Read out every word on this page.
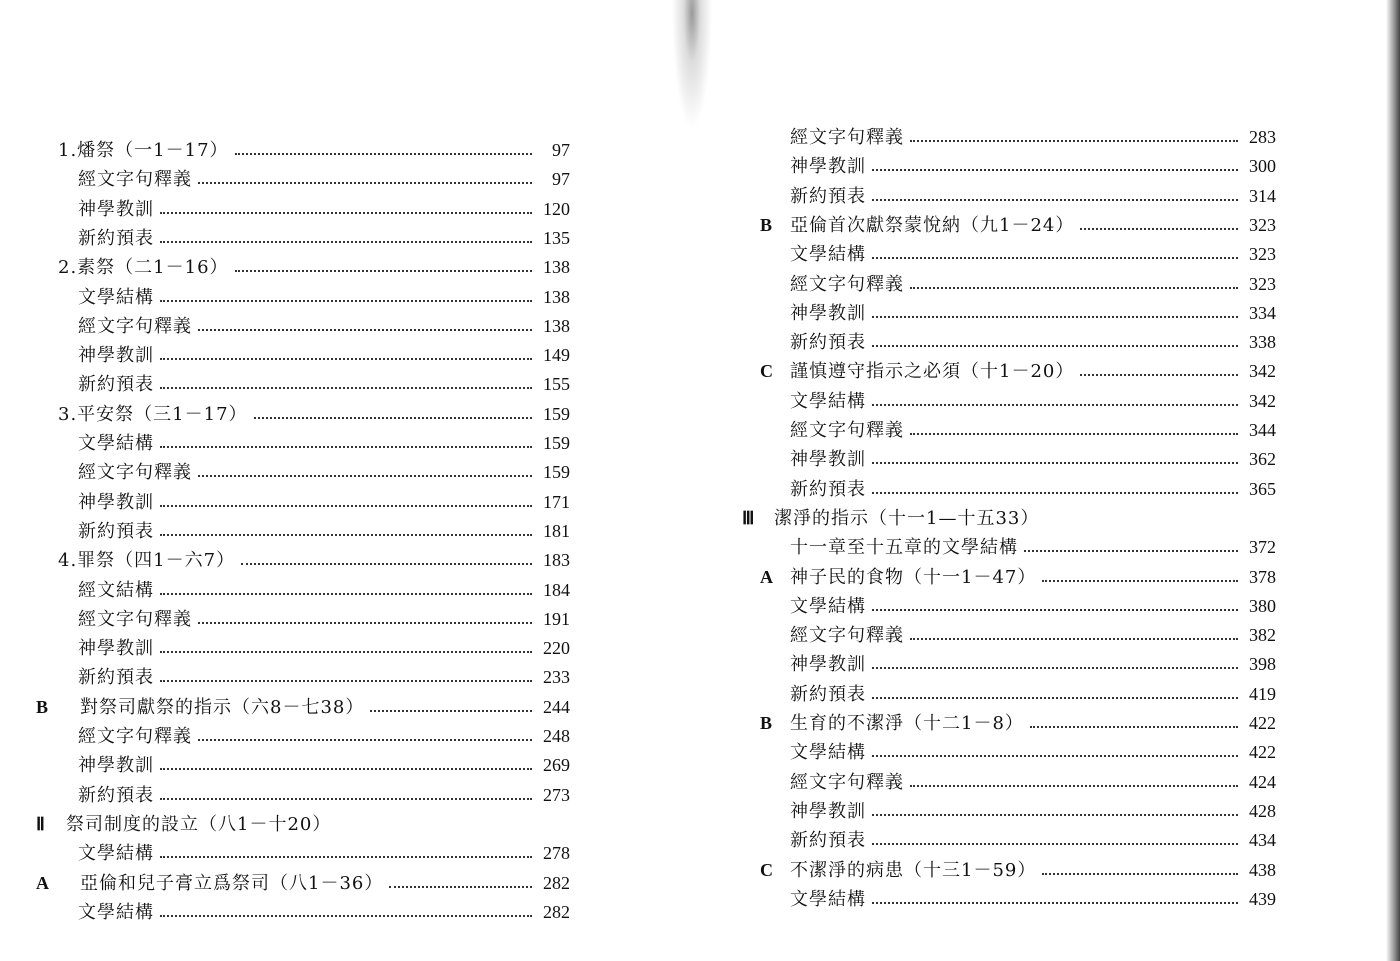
1.燔祭（一1－17）	97
經文字句釋義	97
神學教訓	120
新約預表	135
2.素祭（二1－16）	138
文學結構	138
經文字句釋義	138
神學教訓	149
新約預表	155
3.平安祭（三1－17）	159
文學結構	159
經文字句釋義	159
神學教訓	171
新約預表	181
4.罪祭（四1－六7）	183
經文結構	184
經文字句釋義	191
神學教訓	220
新約預表	233
B 對祭司獻祭的指示（六8－七38）	244
經文字句釋義	248
神學教訓	269
新約預表	273
Ⅱ 祭司制度的設立（八1－十20）
文學結構	278
A 亞倫和兒子膏立爲祭司（八1－36）	282
文學結構	282
經文字句釋義	283
神學教訓	300
新約預表	314
B 亞倫首次獻祭蒙悅納（九1－24）	323
文學結構	323
經文字句釋義	323
神學教訓	334
新約預表	338
C 謹慎遵守指示之必須（十1－20）	342
文學結構	342
經文字句釋義	344
神學教訓	362
新約預表	365
Ⅲ 潔淨的指示（十一1—十五33）
十一章至十五章的文學結構	372
A 神子民的食物（十一1－47）	378
文學結構	380
經文字句釋義	382
神學教訓	398
新約預表	419
B 生育的不潔淨（十二1－8）	422
文學結構	422
經文字句釋義	424
神學教訓	428
新約預表	434
C 不潔淨的病患（十三1－59）	438
文學結構	439
